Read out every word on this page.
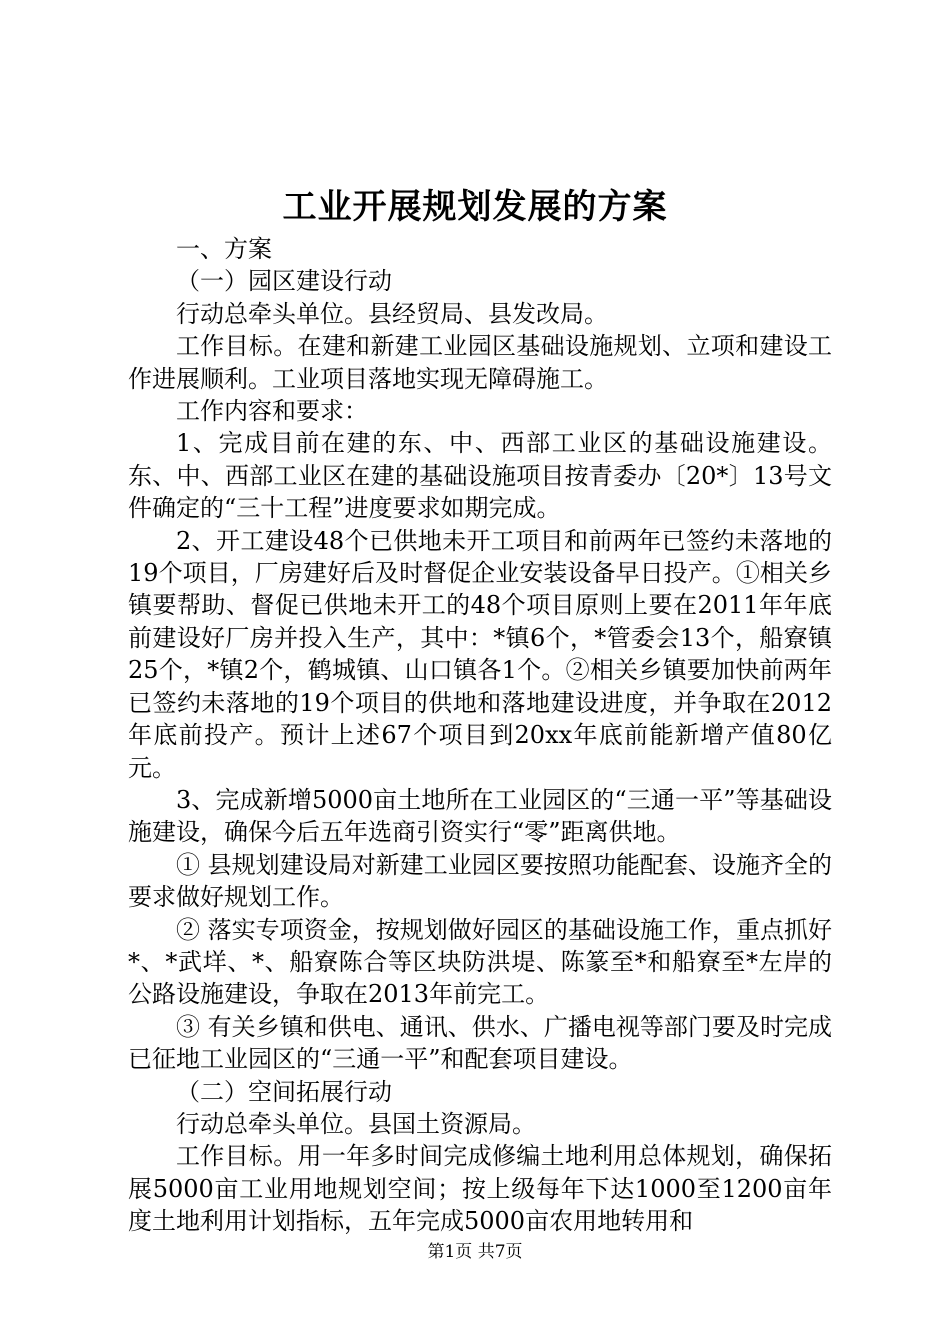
工业开展规划发展的方案

一、方案

（一）园区建设行动

行动总牵头单位。县经贸局、县发改局。

工作目标。在建和新建工业园区基础设施规划、立项和建设工作进展顺利。工业项目落地实现无障碍施工。

工作内容和要求：

1、完成目前在建的东、中、西部工业区的基础设施建设。东、中、西部工业区在建的基础设施项目按青委办〔20*〕13号文件确定的“三十工程”进度要求如期完成。

2、开工建设48个已供地未开工项目和前两年已签约未落地的19个项目，厂房建好后及时督促企业安装设备早日投产。①相关乡镇要帮助、督促已供地未开工的48个项目原则上要在2011年年底前建设好厂房并投入生产，其中：*镇6个，*管委会13个，船寮镇25个，*镇2个，鹤城镇、山口镇各1个。②相关乡镇要加快前两年已签约未落地的19个项目的供地和落地建设进度，并争取在2012年底前投产。预计上述67个项目到20xx年底前能新增产值80亿元。

3、完成新增5000亩土地所在工业园区的“三通一平”等基础设施建设，确保今后五年选商引资实行“零”距离供地。

① 县规划建设局对新建工业园区要按照功能配套、设施齐全的要求做好规划工作。

② 落实专项资金，按规划做好园区的基础设施工作，重点抓好*、*武垟、*、船寮陈合等区块防洪堤、陈篆至*和船寮至*左岸的公路设施建设，争取在2013年前完工。

③ 有关乡镇和供电、通讯、供水、广播电视等部门要及时完成已征地工业园区的“三通一平”和配套项目建设。

（二）空间拓展行动

行动总牵头单位。县国土资源局。

工作目标。用一年多时间完成修编土地利用总体规划，确保拓展5000亩工业用地规划空间；按上级每年下达1000至1200亩年度土地利用计划指标，五年完成5000亩农用地转用和

第1页 共7页
